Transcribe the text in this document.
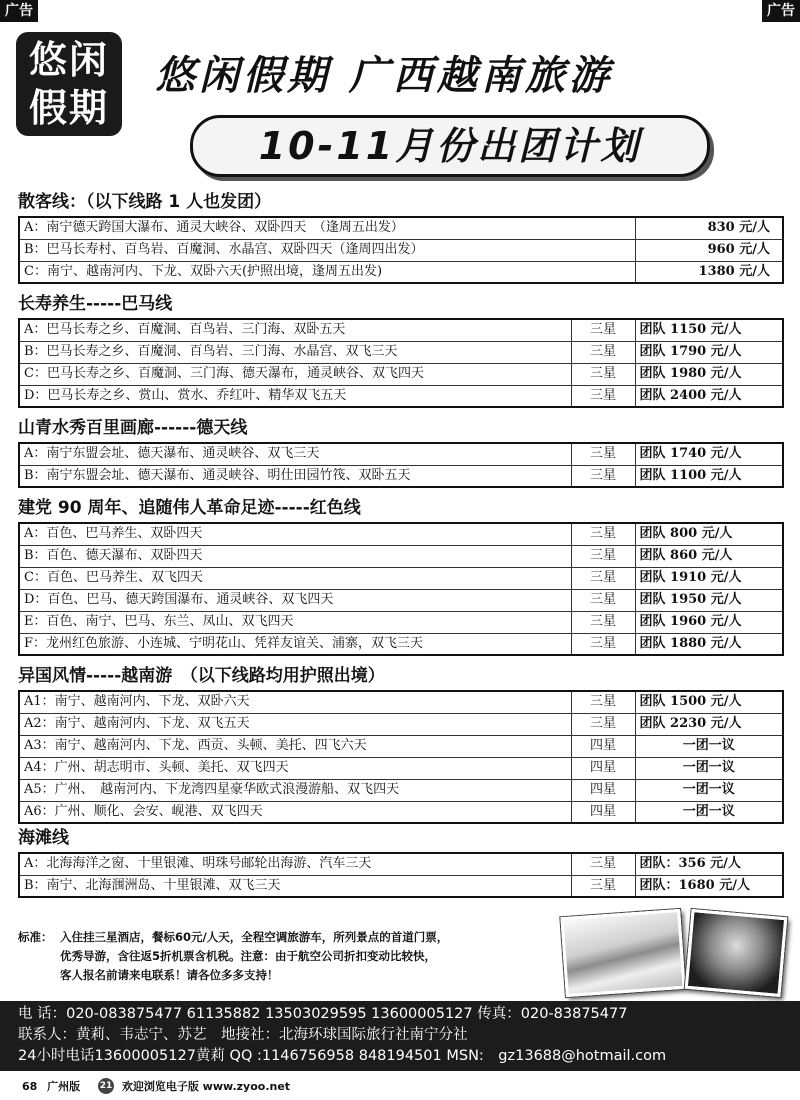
广告	广告
悠闲
假期
悠闲假期 广西越南旅游
10-11月份出团计划
散客线：（以下线路 1 人也发团）
A：南宁德天跨国大瀑布、通灵大峡谷、双卧四天　（逢周五出发）	830 元/人
B：巴马长寿村、百鸟岩、百魔洞、水晶宫、双卧四天（逢周四出发）	960 元/人
C：南宁、越南河内、下龙、双卧六天(护照出境，逢周五出发)	1380 元/人
长寿养生-----巴马线
A：巴马长寿之乡、百魔洞、百鸟岩、三门海、双卧五天	三星	团队 1150 元/人
B：巴马长寿之乡、百魔洞、百鸟岩、三门海、水晶宫、双飞三天	三星	团队 1790 元/人
C：巴马长寿之乡、百魔洞、三门海、德天瀑布，通灵峡谷、双飞四天	三星	团队 1980 元/人
D：巴马长寿之乡、赏山、赏水、乔红叶、精华双飞五天	三星	团队 2400 元/人
山青水秀百里画廊------德天线
A：南宁东盟会址、德天瀑布、通灵峡谷、双飞三天	三星	团队 1740 元/人
B：南宁东盟会址、德天瀑布、通灵峡谷、明仕田园竹筏、双卧五天	三星	团队 1100 元/人
建党 90 周年、追随伟人革命足迹-----红色线
A：百色、巴马养生、双卧四天	三星	团队 800 元/人
B：百色、德天瀑布、双卧四天	三星	团队 860 元/人
C：百色、巴马养生、双飞四天	三星	团队 1910 元/人
D：百色、巴马、德天跨国瀑布、通灵峡谷、双飞四天	三星	团队 1950 元/人
E：百色、南宁、巴马、东兰、凤山、双飞四天	三星	团队 1960 元/人
F：龙州红色旅游、小连城、宁明花山、凭祥友谊关、浦寨，双飞三天	三星	团队 1880 元/人
异国风情-----越南游　（以下线路均用护照出境）
A1：南宁、越南河内、下龙、双卧六天	三星	团队 1500 元/人
A2：南宁、越南河内、下龙、双飞五天	三星	团队 2230 元/人
A3：南宁、越南河内、下龙、西贡、头顿、美托、四飞六天	四星	一团一议
A4：广州、胡志明市、头顿、美托、双飞四天	四星	一团一议
A5：广州、　越南河内、下龙湾四星豪华欧式浪漫游船、双飞四天	四星	一团一议
A6：广州、顺化、会安、岘港、双飞四天	四星	一团一议
海滩线
A：北海海洋之窗、十里银滩、明珠号邮轮出海游、汽车三天	三星	团队：356 元/人
B：南宁、北海涠洲岛、十里银滩、双飞三天	三星	团队：1680 元/人
标准： 入住挂三星酒店，餐标60元/人天，全程空调旅游车，所列景点的首道门票，
优秀导游，含往返5折机票含机税。注意：由于航空公司折扣变动比较快，
客人报名前请来电联系！请各位多多支持！
电 话：020-083875477 61135882 13503029595 13600005127 传真：020-83875477
联系人：黄莉、韦志宁、苏艺　地接社：北海环球国际旅行社南宁分社
24小时电话13600005127黄莉 QQ :1146756958 848194501 MSN:　gz13688@hotmail.com
68 广州版 21 欢迎浏览电子版 www.zyoo.net
